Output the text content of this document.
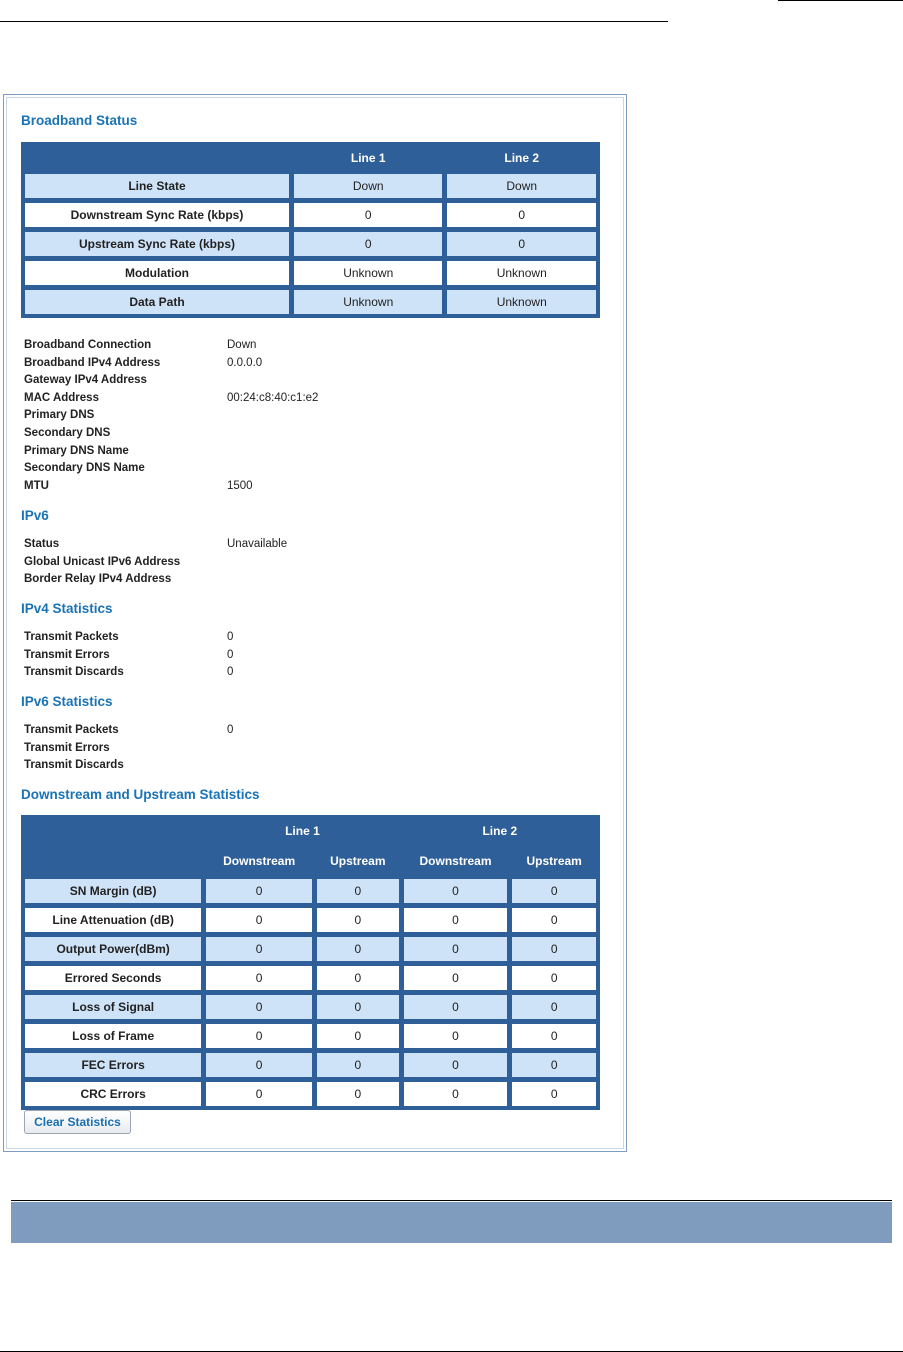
Broadband Status
	Line 1	Line 2
Line State	Down	Down
Downstream Sync Rate (kbps)	0	0
Upstream Sync Rate (kbps)	0	0
Modulation	Unknown	Unknown
Data Path	Unknown	Unknown
Broadband Connection	Down
Broadband IPv4 Address	0.0.0.0
Gateway IPv4 Address
MAC Address	00:24:c8:40:c1:e2
Primary DNS
Secondary DNS
Primary DNS Name
Secondary DNS Name
MTU	1500
IPv6
Status	Unavailable
Global Unicast IPv6 Address
Border Relay IPv4 Address
IPv4 Statistics
Transmit Packets	0
Transmit Errors	0
Transmit Discards	0
IPv6 Statistics
Transmit Packets	0
Transmit Errors
Transmit Discards
Downstream and Upstream Statistics
	Line 1		Line 2	
	Downstream	Upstream	Downstream	Upstream
SN Margin (dB)	0	0	0	0
Line Attenuation (dB)	0	0	0	0
Output Power(dBm)	0	0	0	0
Errored Seconds	0	0	0	0
Loss of Signal	0	0	0	0
Loss of Frame	0	0	0	0
FEC Errors	0	0	0	0
CRC Errors	0	0	0	0
Clear Statistics
